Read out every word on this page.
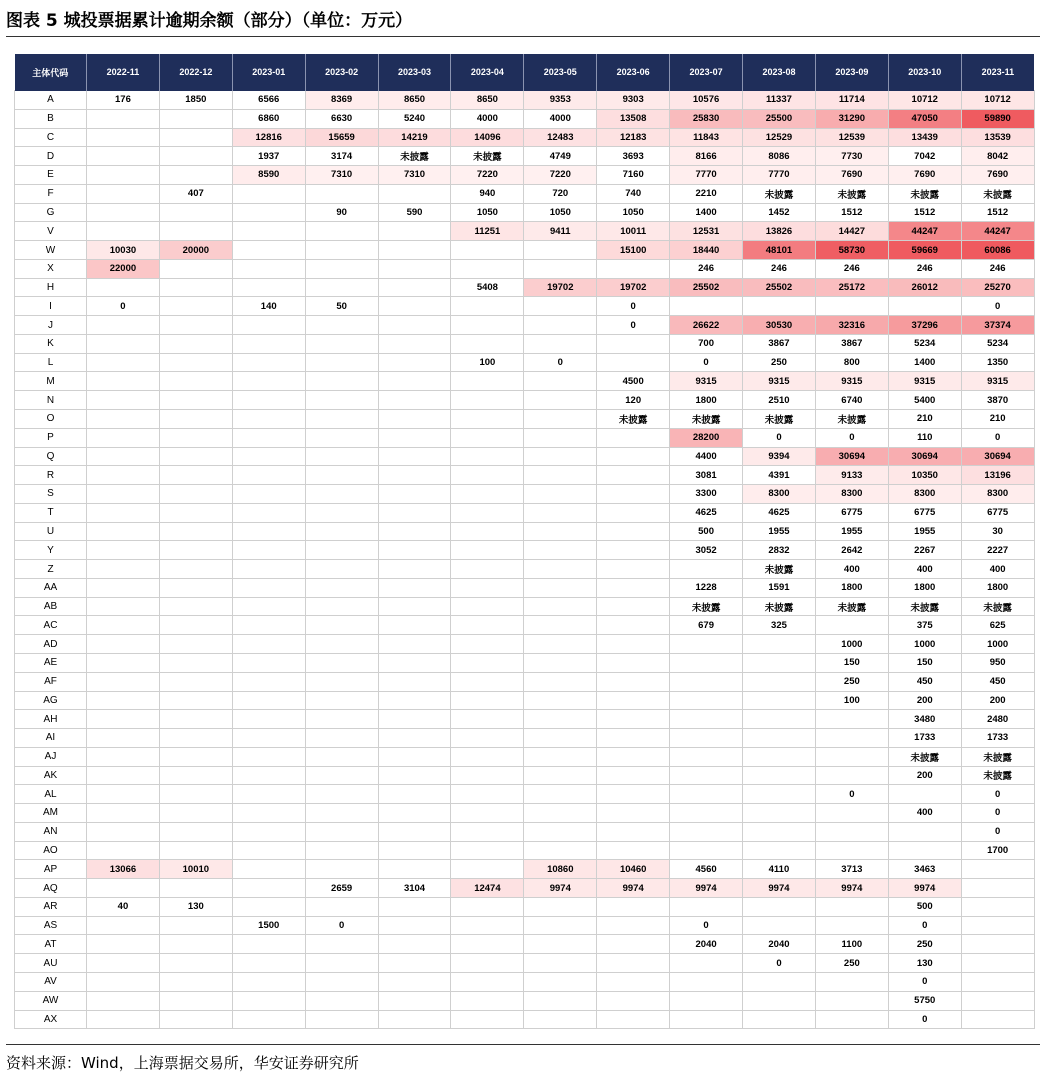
图表 5 城投票据累计逾期余额（部分）（单位：万元）
主体代码	2022-11	2022-12	2023-01	2023-02	2023-03	2023-04	2023-05	2023-06	2023-07	2023-08	2023-09	2023-10	2023-11
A	176	1850	6566	8369	8650	8650	9353	9303	10576	11337	11714	10712	10712
B			6860	6630	5240	4000	4000	13508	25830	25500	31290	47050	59890
C			12816	15659	14219	14096	12483	12183	11843	12529	12539	13439	13539
D			1937	3174	未披露	未披露	4749	3693	8166	8086	7730	7042	8042
E			8590	7310	7310	7220	7220	7160	7770	7770	7690	7690	7690
F		407				940	720	740	2210	未披露	未披露	未披露	未披露
G				90	590	1050	1050	1050	1400	1452	1512	1512	1512
V						11251	9411	10011	12531	13826	14427	44247	44247
W	10030	20000						15100	18440	48101	58730	59669	60086
X	22000								246	246	246	246	246
H						5408	19702	19702	25502	25502	25172	26012	25270
I	0		140	50				0					0
J								0	26622	30530	32316	37296	37374
K									700	3867	3867	5234	5234
L						100	0		0	250	800	1400	1350
M								4500	9315	9315	9315	9315	9315
N								120	1800	2510	6740	5400	3870
O								未披露	未披露	未披露	未披露	210	210
P									28200	0	0	110	0
Q									4400	9394	30694	30694	30694
R									3081	4391	9133	10350	13196
S									3300	8300	8300	8300	8300
T									4625	4625	6775	6775	6775
U									500	1955	1955	1955	30
Y									3052	2832	2642	2267	2227
Z										未披露	400	400	400
AA									1228	1591	1800	1800	1800
AB									未披露	未披露	未披露	未披露	未披露
AC									679	325		375	625
AD											1000	1000	1000
AE											150	150	950
AF											250	450	450
AG											100	200	200
AH												3480	2480
AI												1733	1733
AJ												未披露	未披露
AK												200	未披露
AL											0		0
AM												400	0
AN													0
AO													1700
AP	13066	10010					10860	10460	4560	4110	3713	3463	
AQ				2659	3104	12474	9974	9974	9974	9974	9974	9974	
AR	40	130										500	
AS			1500	0					0			0	
AT									2040	2040	1100	250	
AU										0	250	130	
AV												0	
AW												5750	
AX												0	
资料来源：Wind，上海票据交易所，华安证券研究所
